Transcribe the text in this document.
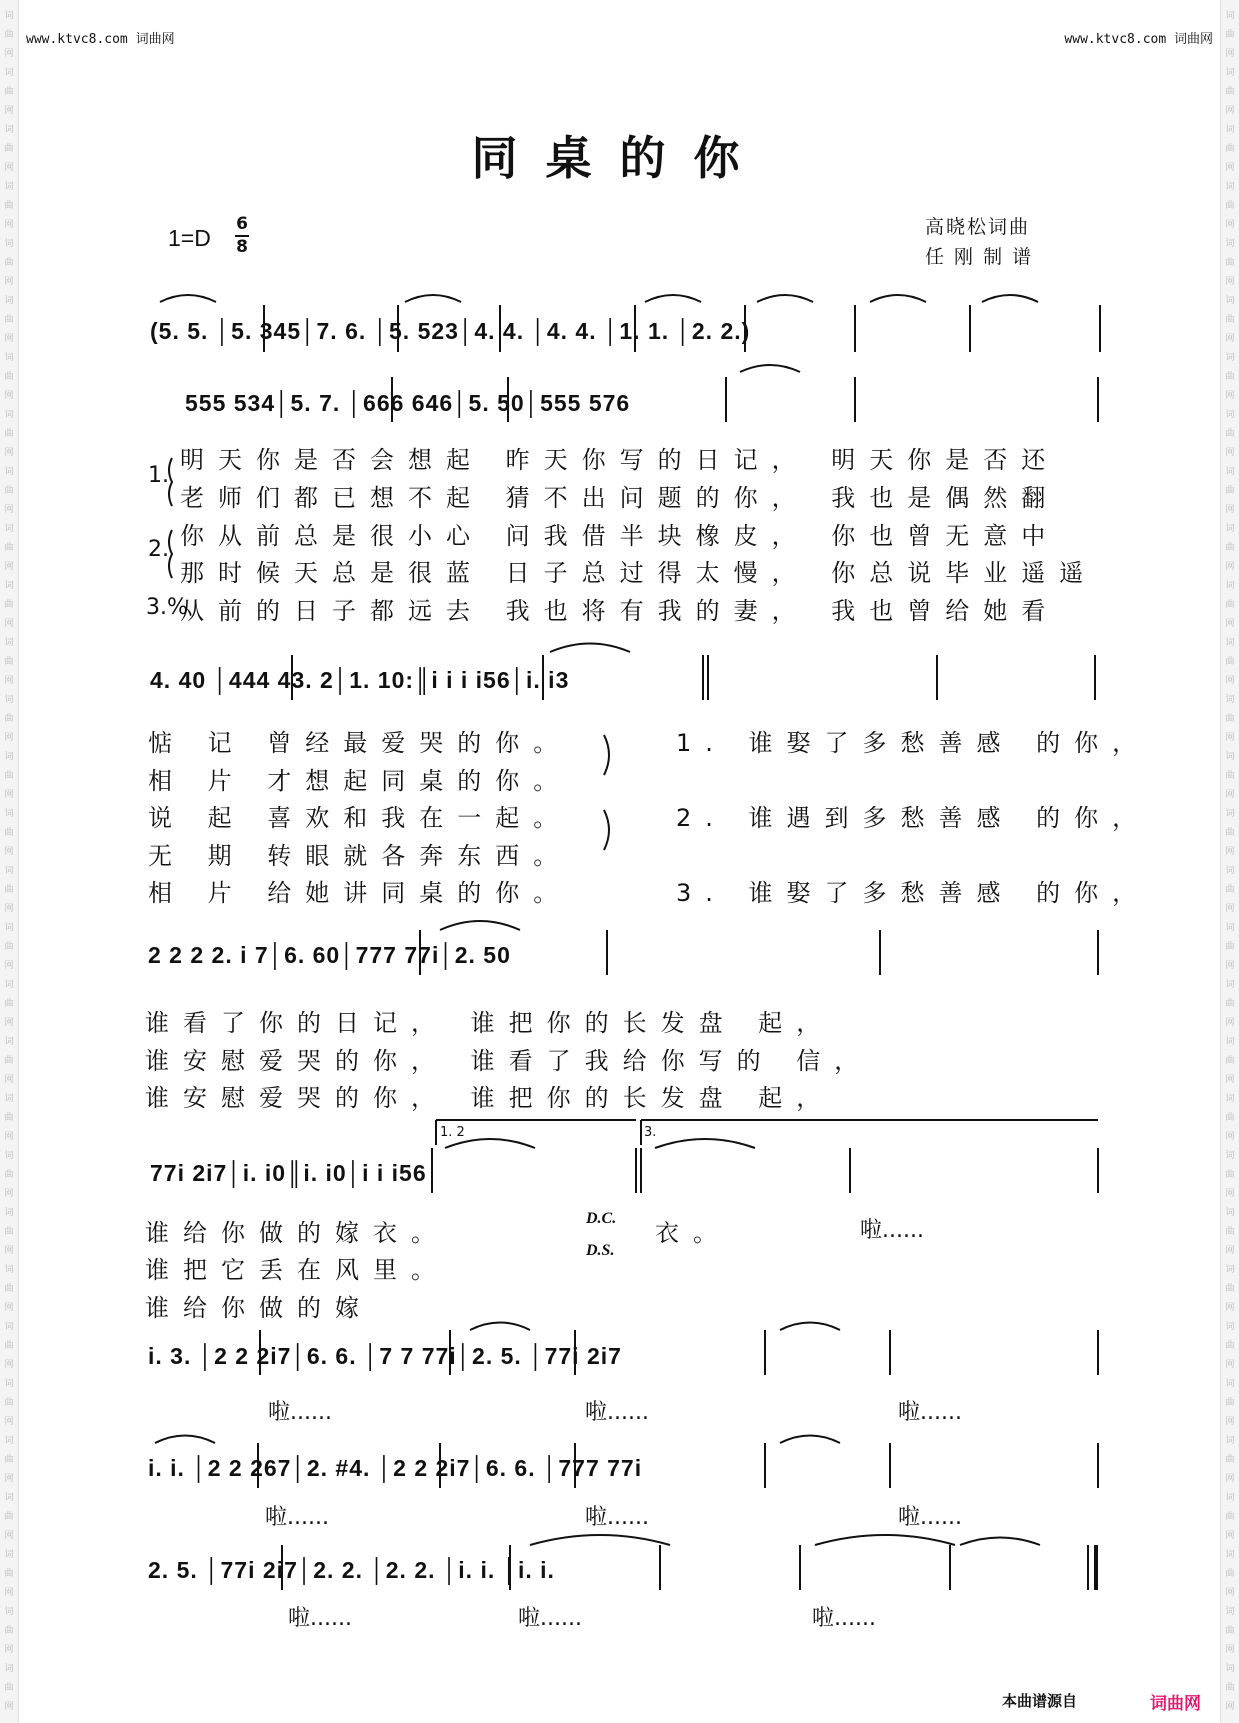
词
曲
网
词
曲
网
词
曲
网
词
曲
网
词
曲
网
词
曲
网
词
曲
网
词
曲
网
词
曲
网
词
曲
网
词
曲
网
词
曲
网
词
曲
网
词
曲
网
词
曲
网
词
曲
网
词
曲
网
词
曲
网
词
曲
网
词
曲
网
词
曲
网
词
曲
网
词
曲
网
词
曲
网
词
曲
网
词
曲
网
词
曲
网
词
曲
网
词
曲
网
词
曲
网
词
曲
网
词
曲
网
词
曲
网
词
曲
网
词
曲
网
词
曲
网
词
曲
网
词
曲
网
词
曲
网
词
曲
网
词
曲
网
词
曲
网
词
曲
网
词
曲
网
词
曲
网
词
曲
网
词
曲
网
词
曲
网
词
曲
网
词
曲
网
词
曲
网
词
曲
网
词
曲
网
词
曲
网
词
曲
网
词
曲
网
词
曲
网
词
曲
网
词
曲
网
词
曲
网
www.ktvc8.com 词曲网	www.ktvc8.com 词曲网
同桌的你
1=D
6
8
高晓松词曲
任 刚 制 谱
(5. 5. │5. 345│7. 6. │5. 523│4. 4. │4. 4. │1. 1. │2. 2.)
555 534│5. 7. │666 646│5. 50│555 576
1.
2.
3.%
明天你是否会想起 昨天你写的日记， 明天你是否还
老师们都已想不起 猜不出问题的你， 我也是偶然翻
你从前总是很小心 问我借半块橡皮， 你也曾无意中
那时候天总是很蓝 日子总过得太慢， 你总说毕业遥遥
从前的日子都远去 我也将有我的妻， 我也曾给她看
4. 40 │444 43. 2│1. 10:║i i i i56│i. i3
惦 记 曾经最爱哭的你。
相 片 才想起同桌的你。
说 起 喜欢和我在一起。
无 期 转眼就各奔东西。
相 片 给她讲同桌的你。
1. 谁娶了多愁善感 的你，
2. 谁遇到多愁善感 的你，
3. 谁娶了多愁善感 的你，
2 2 2 2. i 7│6. 60│777 77i│2. 50
谁看了你的日记， 谁把你的长发盘 起，
谁安慰爱哭的你， 谁看了我给你写的 信，
谁安慰爱哭的你， 谁把你的长发盘 起，
1. 2	3.
77i 2i7│i. i0║i. i0│i i i56
谁给你做的嫁衣。
谁把它丢在风里。
谁给你做的嫁
D.C.
D.S.
衣。	啦......
i. 3. │2 2 2i7│6. 6. │7 7 77i│2. 5. │77i 2i7
啦......	啦......	啦......
i. i. │2 2 267│2. #4. │2 2 2i7│6. 6. │777 77i
啦......	啦......	啦......
2. 5. │77i 2i7│2. 2. │2. 2. │i. i. │i. i.
啦......	啦......	啦......
本曲谱源自	词曲网
